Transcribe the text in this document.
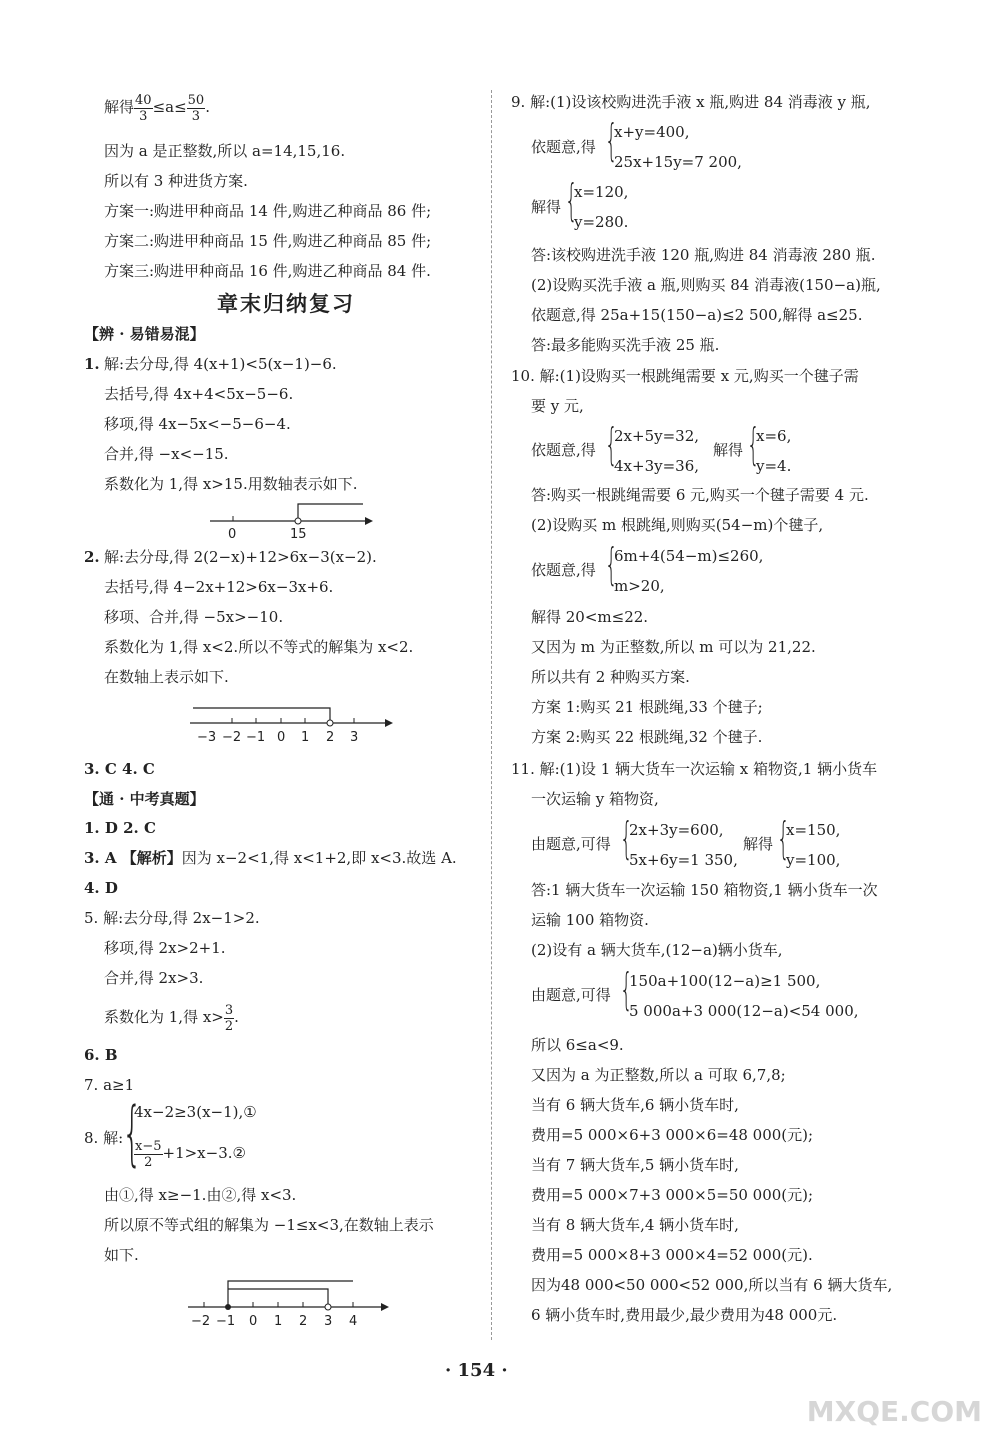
解得 $\frac{40}{3} \le a\le \frac{50}{3}$ .
因为 a 是正整数,所以 a=14,15,16.
所以有 3 种进货方案.
方案一:购进甲种商品 14 件,购进乙种商品 86 件;
方案二:购进甲种商品 15 件,购进乙种商品 85 件;
方案三:购进甲种商品 16 件,购进乙种商品 84 件.
章末归纳复习
【辨 · 易错易混】
1. 解:去分母,得 4(x+1)<5(x−1)−6.
去括号,得 4x+4<5x−5−6.
移项,得 4x−5x<−5−6−4.
合并,得 −x<−15.
系数化为 1,得 x>15.用数轴表示如下.
0	15
2. 解:去分母,得 2(2−x)+12>6x−3(x−2).
去括号,得 4−2x+12>6x−3x+6.
移项、合并,得 −5x>−10.
系数化为 1,得 x<2.所以不等式的解集为 x<2.
在数轴上表示如下.
−3 −2 −1 0 1 2 3
3. C 4. C
【通 · 中考真题】
1. D 2. C
3. A 【解析】因为 x−2<1,得 x<1+2,即 x<3.故选 A.
4. D
5. 解:去分母,得 2x−1>2.
移项,得 2x>2+1.
合并,得 2x>3.
系数化为 1,得 $x> \frac{3}{2}$ .
6. B
7. a≥1
8. 解:
{
4x−2≥3(x−1),①
$\frac{x-5}{2}$ +1>x−3.②
由①,得 x≥−1.由②,得 x<3.
所以原不等式组的解集为 −1≤x<3,在数轴上表示
如下.
−2 −1 0 1 2 3 4
9. 解:(1)设该校购进洗手液 x 瓶,购进 84 消毒液 y 瓶,
依题意,得 {
x+y=400,
25x+15y=7 200,
解得 {
x=120,
y=280.
答:该校购进洗手液 120 瓶,购进 84 消毒液 280 瓶.
(2)设购买洗手液 a 瓶,则购买 84 消毒液(150−a)瓶,
依题意,得 25a+15(150−a)≤2 500,解得 a≤25.
答:最多能购买洗手液 25 瓶.
10. 解:(1)设购买一根跳绳需要 x 元,购买一个毽子需
要 y 元,
依题意,得 {
2x+5y=32,
4x+3y=36,
解得 {
x=6,
y=4.
答:购买一根跳绳需要 6 元,购买一个毽子需要 4 元.
(2)设购买 m 根跳绳,则购买(54−m)个毽子,
依题意,得 {
6m+4(54−m)≤260,
m>20,
解得 20<m≤22.
又因为 m 为正整数,所以 m 可以为 21,22.
所以共有 2 种购买方案.
方案 1:购买 21 根跳绳,33 个毽子;
方案 2:购买 22 根跳绳,32 个毽子.
11. 解:(1)设 1 辆大货车一次运输 x 箱物资,1 辆小货车
一次运输 y 箱物资,
由题意,可得 {
2x+3y=600,
5x+6y=1 350,
解得 {
x=150,
y=100,
答:1 辆大货车一次运输 150 箱物资,1 辆小货车一次
运输 100 箱物资.
(2)设有 a 辆大货车,(12−a)辆小货车,
由题意,可得 {
150a+100(12−a)≥1 500,
5 000a+3 000(12−a)<54 000,
所以 6≤a<9.
又因为 a 为正整数,所以 a 可取 6,7,8;
当有 6 辆大货车,6 辆小货车时,
费用=5 000×6+3 000×6=48 000(元);
当有 7 辆大货车,5 辆小货车时,
费用=5 000×7+3 000×5=50 000(元);
当有 8 辆大货车,4 辆小货车时,
费用=5 000×8+3 000×4=52 000(元).
因为48 000<50 000<52 000,所以当有 6 辆大货车,
6 辆小货车时,费用最少,最少费用为48 000元.
· 154 ·
MXQE.COM
